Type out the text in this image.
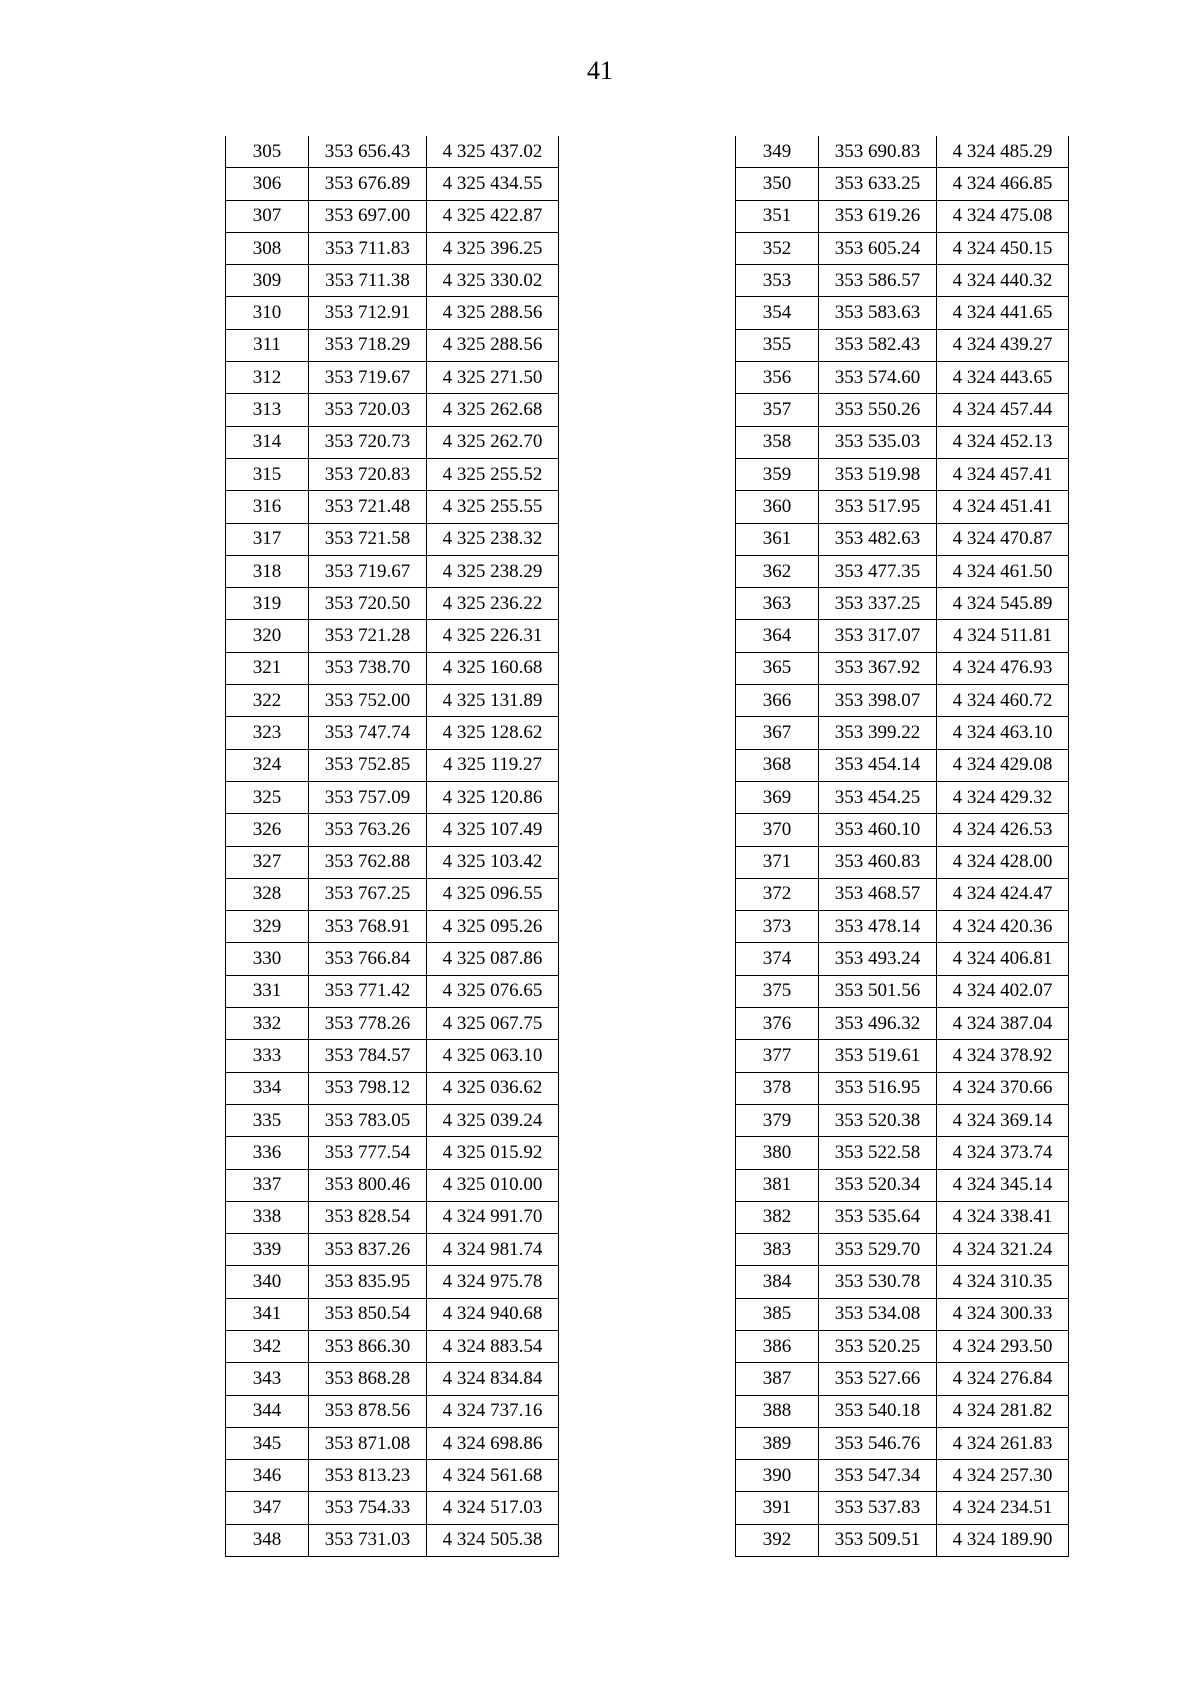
41
305	353 656.43	4 325 437.02
306	353 676.89	4 325 434.55
307	353 697.00	4 325 422.87
308	353 711.83	4 325 396.25
309	353 711.38	4 325 330.02
310	353 712.91	4 325 288.56
311	353 718.29	4 325 288.56
312	353 719.67	4 325 271.50
313	353 720.03	4 325 262.68
314	353 720.73	4 325 262.70
315	353 720.83	4 325 255.52
316	353 721.48	4 325 255.55
317	353 721.58	4 325 238.32
318	353 719.67	4 325 238.29
319	353 720.50	4 325 236.22
320	353 721.28	4 325 226.31
321	353 738.70	4 325 160.68
322	353 752.00	4 325 131.89
323	353 747.74	4 325 128.62
324	353 752.85	4 325 119.27
325	353 757.09	4 325 120.86
326	353 763.26	4 325 107.49
327	353 762.88	4 325 103.42
328	353 767.25	4 325 096.55
329	353 768.91	4 325 095.26
330	353 766.84	4 325 087.86
331	353 771.42	4 325 076.65
332	353 778.26	4 325 067.75
333	353 784.57	4 325 063.10
334	353 798.12	4 325 036.62
335	353 783.05	4 325 039.24
336	353 777.54	4 325 015.92
337	353 800.46	4 325 010.00
338	353 828.54	4 324 991.70
339	353 837.26	4 324 981.74
340	353 835.95	4 324 975.78
341	353 850.54	4 324 940.68
342	353 866.30	4 324 883.54
343	353 868.28	4 324 834.84
344	353 878.56	4 324 737.16
345	353 871.08	4 324 698.86
346	353 813.23	4 324 561.68
347	353 754.33	4 324 517.03
348	353 731.03	4 324 505.38
349	353 690.83	4 324 485.29
350	353 633.25	4 324 466.85
351	353 619.26	4 324 475.08
352	353 605.24	4 324 450.15
353	353 586.57	4 324 440.32
354	353 583.63	4 324 441.65
355	353 582.43	4 324 439.27
356	353 574.60	4 324 443.65
357	353 550.26	4 324 457.44
358	353 535.03	4 324 452.13
359	353 519.98	4 324 457.41
360	353 517.95	4 324 451.41
361	353 482.63	4 324 470.87
362	353 477.35	4 324 461.50
363	353 337.25	4 324 545.89
364	353 317.07	4 324 511.81
365	353 367.92	4 324 476.93
366	353 398.07	4 324 460.72
367	353 399.22	4 324 463.10
368	353 454.14	4 324 429.08
369	353 454.25	4 324 429.32
370	353 460.10	4 324 426.53
371	353 460.83	4 324 428.00
372	353 468.57	4 324 424.47
373	353 478.14	4 324 420.36
374	353 493.24	4 324 406.81
375	353 501.56	4 324 402.07
376	353 496.32	4 324 387.04
377	353 519.61	4 324 378.92
378	353 516.95	4 324 370.66
379	353 520.38	4 324 369.14
380	353 522.58	4 324 373.74
381	353 520.34	4 324 345.14
382	353 535.64	4 324 338.41
383	353 529.70	4 324 321.24
384	353 530.78	4 324 310.35
385	353 534.08	4 324 300.33
386	353 520.25	4 324 293.50
387	353 527.66	4 324 276.84
388	353 540.18	4 324 281.82
389	353 546.76	4 324 261.83
390	353 547.34	4 324 257.30
391	353 537.83	4 324 234.51
392	353 509.51	4 324 189.90
